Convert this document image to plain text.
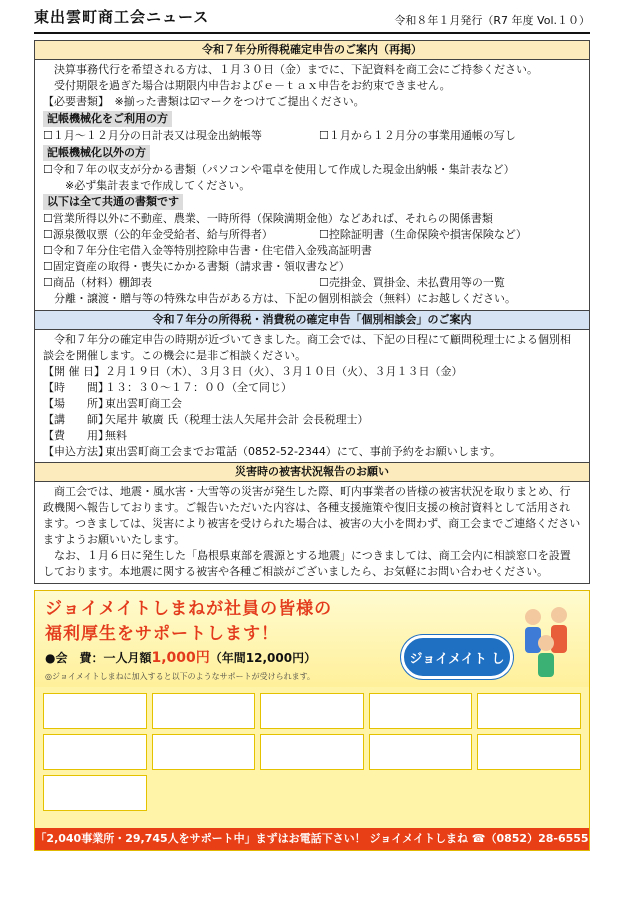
東出雲町商工会ニュース	令和８年１月発行（R7 年度 Vol.１０）
令和７年分所得税確定申告のご案内（再掲）

決算事務代行を希望される方は、１月３０日（金）までに、下記資料を商工会にご持参ください。

受付期限を過ぎた場合は期限内申告およびｅ－ｔａｘ申告をお約束できません。

【必要書類】　※揃った書類は☑マークをつけてご提出ください。

記帳機械化をご利用の方
☐１月～１２月分の日計表又は現金出納帳等	☐１月から１２月分の事業用通帳の写し
記帳機械化以外の方

☐令和７年の収支が分かる書類（パソコンや電卓を使用して作成した現金出納帳・集計表など）

※必ず集計表まで作成してください。

以下は全て共通の書類です

☐営業所得以外に不動産、農業、一時所得（保険満期金他）などあれば、それらの関係書類

☐源泉徴収票（公的年金受給者、給与所得者）	☐控除証明書（生命保険や損害保険など）

☐令和７年分住宅借入金等特別控除申告書・住宅借入金残高証明書

☐固定資産の取得・喪失にかかる書類（請求書・領収書など）

☐商品（材料）棚卸表	☐売掛金、買掛金、未払費用等の一覧

分離・譲渡・贈与等の特殊な申告がある方は、下記の個別相談会（無料）にお越しください。

令和７年分の所得税・消費税の確定申告「個別相談会」のご案内

令和７年分の確定申告の時期が近づいてきました。商工会では、下記の日程にて顧問税理士による個別相談会を開催します。この機会に是非ご相談ください。

【開 催 日】 ２月１９日（木）、３月３日（火）、３月１０日（火）、３月１３日（金）
【時　　間】
１３：３０～１７：００（全て同じ）
【場　　所】
東出雲町商工会
【講　　師】
矢尾井 敏廣 氏（税理士法人矢尾井会計 会長税理士）
【費　　用】
無料
【申込方法】
東出雲町商工会までお電話（0852-52-2344）にて、事前予約をお願いします。
災害時の被害状況報告のお願い

商工会では、地震・風水害・大雪等の災害が発生した際、町内事業者の皆様の被害状況を取りまとめ、行政機関へ報告しております。ご報告いただいた内容は、各種支援施策や復旧支援の検討資料として活用されます。つきましては、災害により被害を受けられた場合は、被害の大小を問わず、商工会までご連絡くださいますようお願いいたします。

なお、１月６日に発生した「島根県東部を震源とする地震」につきましては、商工会内に相談窓口を設置しております。本地震に関する被害や各種ご相談がございましたら、お気軽にお問い合わせください。

ジョイメイトしまねが社員の皆様の
福利厚生をサポートします！
●会　費：一人月額1,000円（年間12,000円）
◎ジョイメイトしまねに加入すると以下のようなサポートが受けられます。
ジョイメイト しまね
「2,040事業所・29,745人をサポート中」まずはお電話下さい！ ジョイメイトしまね ☎（0852）28-6555
